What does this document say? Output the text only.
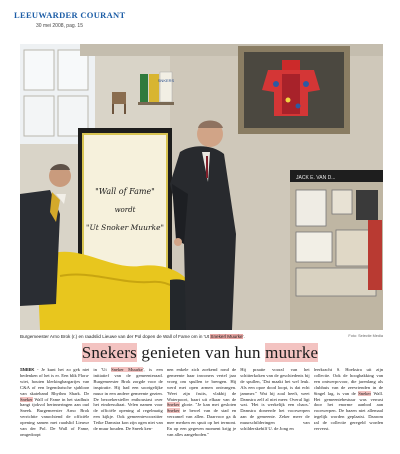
LEEUWARDER COURANT
30 mei 2008, pag. 15
SNKERS
JACK E. VAN D...
"Wall of Fame"
wordt
"Ut Snoker Muurke"
Burgemeester Arno Brok (r.) en raadslid Lieuwe van der Pol dopen de Wall of Fame om in 'Ut Snekerl Muurke'.	Foto: Selectie Media
Snekers genieten van hun muurke
SNEEK - Je kunt het zo gek niet bedenken of het is er. Een blik Flora-wiet, houten klerkingbargarijes van C&A of een legendarische sjabloon van skateband Rhythm Shark. De Sneker Wall of Fame in het stadhuis hangt tjokvol herinneringen aan oud Sneek. Burgemeester Arno Brok verrichtte vanochtend de officiële opening samen met raadslid Lieuwe van der Pol. De Wall of Fame, omgedoopt
in 'Ut Sneker Muurke', is een initiatief van de gemeenteraad. Burgemeester Brok zorgde voor de inspiratie. Hij had een soortgelijke muur in een andere gemeente gezien. De bezoekersteller enthousiast over het eindresultaat. Velen namen voor de officiële opening al regelmatig een kijkje. Ook gemeentevoorzitter Teike Damstra kon zijn ogen niet van de muur houden. De Sneek ken-
nen enkele zich zoekend rond de gemeente haar inwoners vertel jaar vroeg om spullen te brengen. Hij werd met open armen ontvangen. 'Weet zijn fruits, vlakbij de Waterpoort, baart uit elkaar van de Sneker glorie. "Je kan met gesloten Sneker te bewel van de stad en verzamel van allen. Daarvoor ga ik mee merken en spuit op het termont. En op een gegeven moment krijg je van alles aangeboden."
Hij praatte vooral van het schitterkoken van de geschiedenis bij de spullen, 'Dat maakt het wel leuk. Als een opoe dood loopt, is dat echt jammer." Wat hij zoal heeft, weet Damstra zelf al niet meer. Overal ligt wat. 'Het is werkelijk een chaos.' Damstra doneerde het voorwerpen aan de gemeente. Zeker meer de muurschilderingen van schilderskebilf U. de Jong en
leerkracht S. Hoekstra uit zijn collectie. Ook de hoogbakking van een ontwerpcvoor, die jarenlang als clubhuis van de zeevrienden in de Singel lag, is van de Sneker Wall. Het gemeentebestuur was verrast door het enorme aanbod aan voorwerpen. De bazen niet allemaal tegelijk worden geplaatst. Daarom zal de collectie geregeld worden ververst.
